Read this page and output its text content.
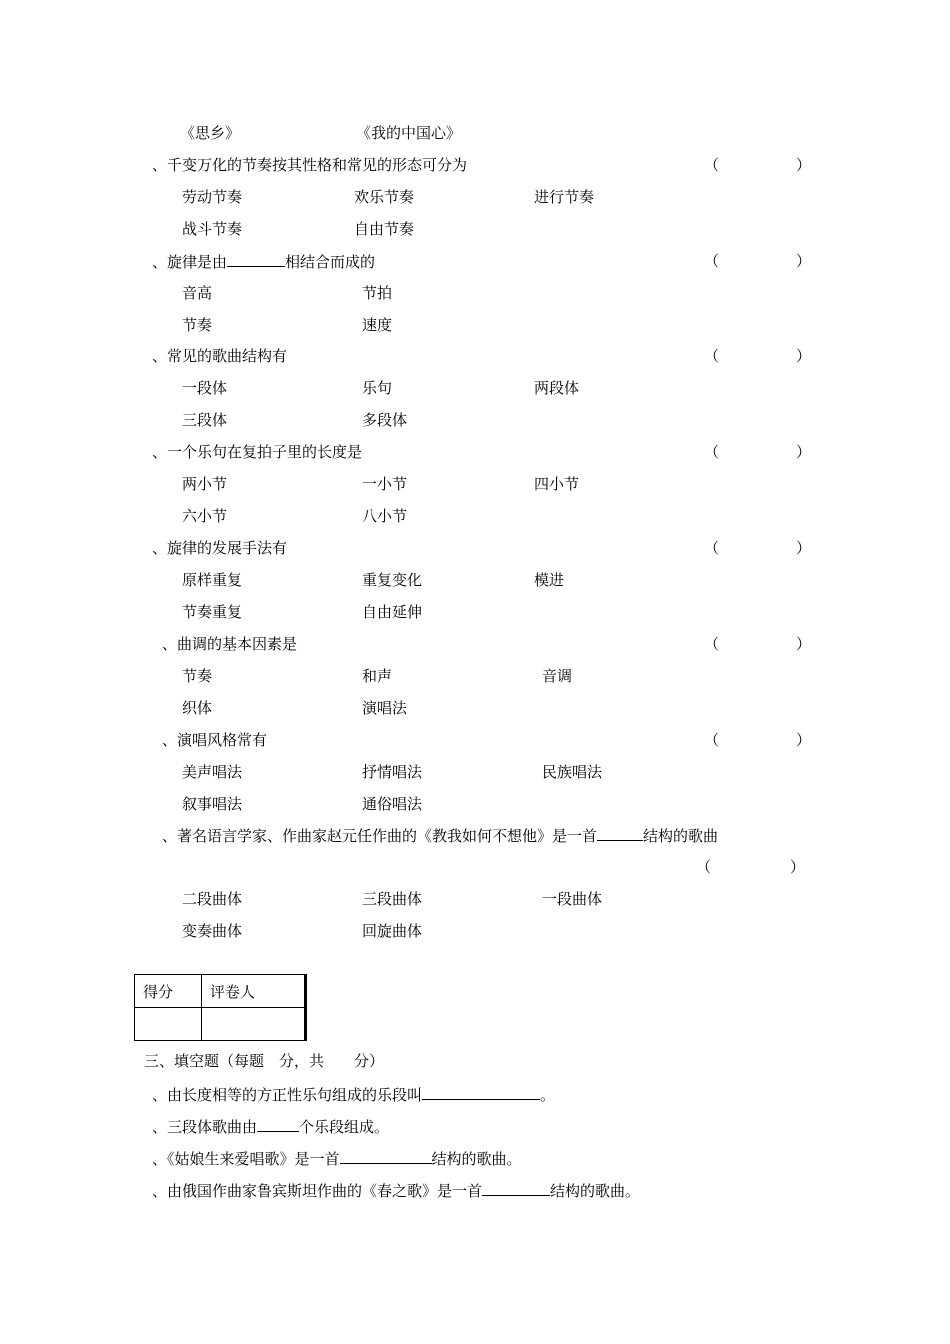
《思乡》	《我的中国心》
、千变万化的节奏按其性格和常见的形态可分为	（	）
劳动节奏	欢乐节奏	进行节奏
战斗节奏	自由节奏
、旋律是由	相结合而成的	（	）
音高	节拍
节奏	速度
、常见的歌曲结构有	（	）
一段体	乐句	两段体
三段体	多段体
、一个乐句在复拍子里的长度是	（	）
两小节	一小节	四小节
六小节	八小节
、旋律的发展手法有	（	）
原样重复	重复变化	模进
节奏重复	自由延伸
、曲调的基本因素是	（	）
节奏	和声	音调
织体	演唱法
、演唱风格常有	（	）
美声唱法	抒情唱法	民族唱法
叙事唱法	通俗唱法
、著名语言学家、作曲家赵元任作曲的《教我如何不想他》是一首	结构的歌曲
（	）
二段曲体	三段曲体	一段曲体
变奏曲体	回旋曲体
得分	评卷人

三、填空题（每题　分，共　　分）
、由长度相等的方正性乐句组成的乐段叫	。
、三段体歌曲由	个乐段组成。
、《姑娘生来爱唱歌》是一首	结构的歌曲。
、由俄国作曲家鲁宾斯坦作曲的《春之歌》是一首	结构的歌曲。
